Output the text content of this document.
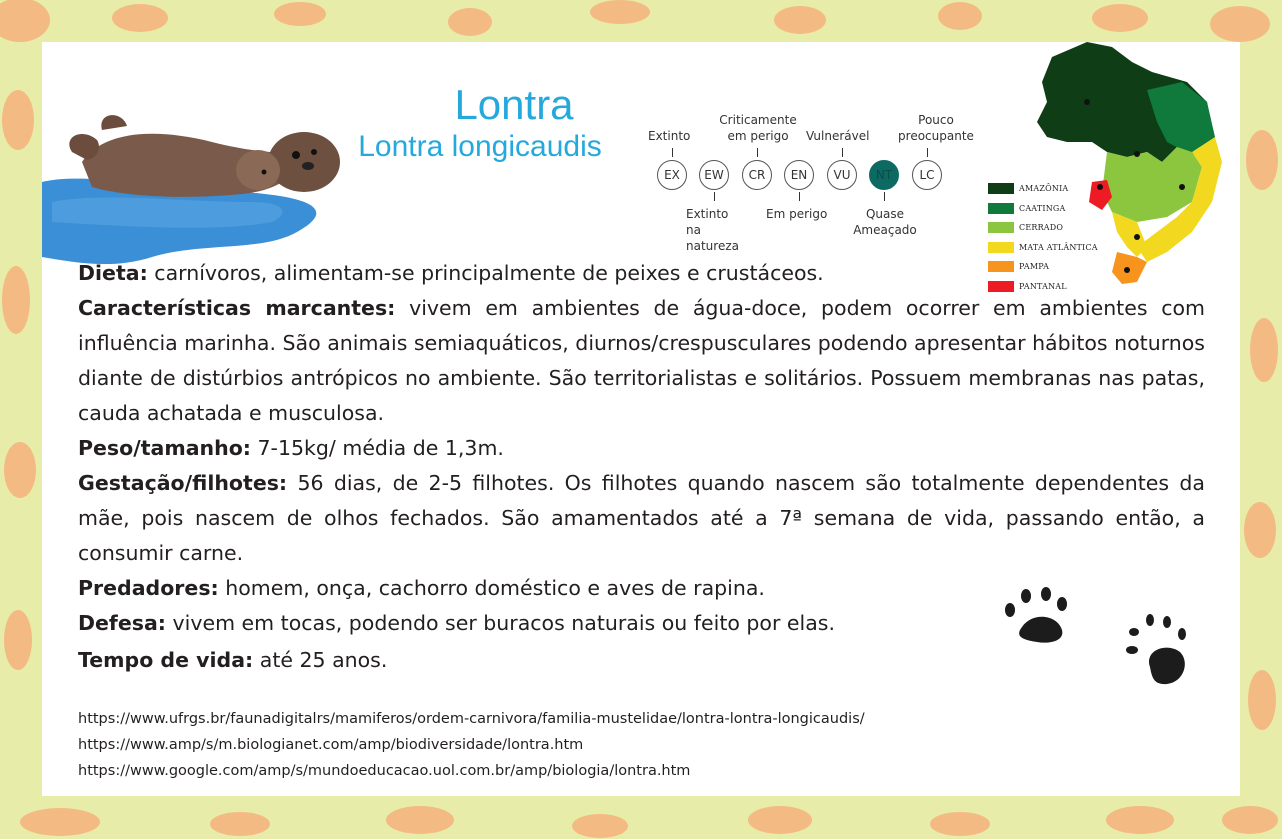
Lontra
Lontra longicaudis	Extinto
Criticamente em perigo	Vulnerável
Pouco preocupante
EX	EW	CR	EN	VU	NT	LC
Extinto na natureza
Em perigo	Quase Ameaçado
AMAZÔNIA
CAATINGA
CERRADO
MATA ATLÂNTICA
PAMPA
PANTANAL

Dieta: carnívoros, alimentam-se principalmente de peixes e crustáceos.

Características marcantes: vivem em ambientes de água-doce, podem ocorrer em ambientes com influência marinha. São animais semiaquáticos, diurnos/crespusculares podendo apresentar hábitos noturnos diante de distúrbios antrópicos no ambiente. São territorialistas e solitários. Possuem membranas nas patas, cauda achatada e musculosa.

Peso/tamanho: 7-15kg/ média de 1,3m.

Gestação/filhotes: 56 dias, de 2-5 filhotes. Os filhotes quando nascem são totalmente dependentes da mãe, pois nascem de olhos fechados. São amamentados até a 7ª semana de vida, passando então, a consumir carne.

Predadores: homem, onça, cachorro doméstico e aves de rapina.

Defesa: vivem em tocas, podendo ser buracos naturais ou feito por elas.

Tempo de vida: até 25 anos.

https://www.ufrgs.br/faunadigitalrs/mamiferos/ordem-carnivora/familia-mustelidae/lontra-lontra-longicaudis/
https://www.amp/s/m.biologianet.com/amp/biodiversidade/lontra.htm
https://www.google.com/amp/s/mundoeducacao.uol.com.br/amp/biologia/lontra.htm
